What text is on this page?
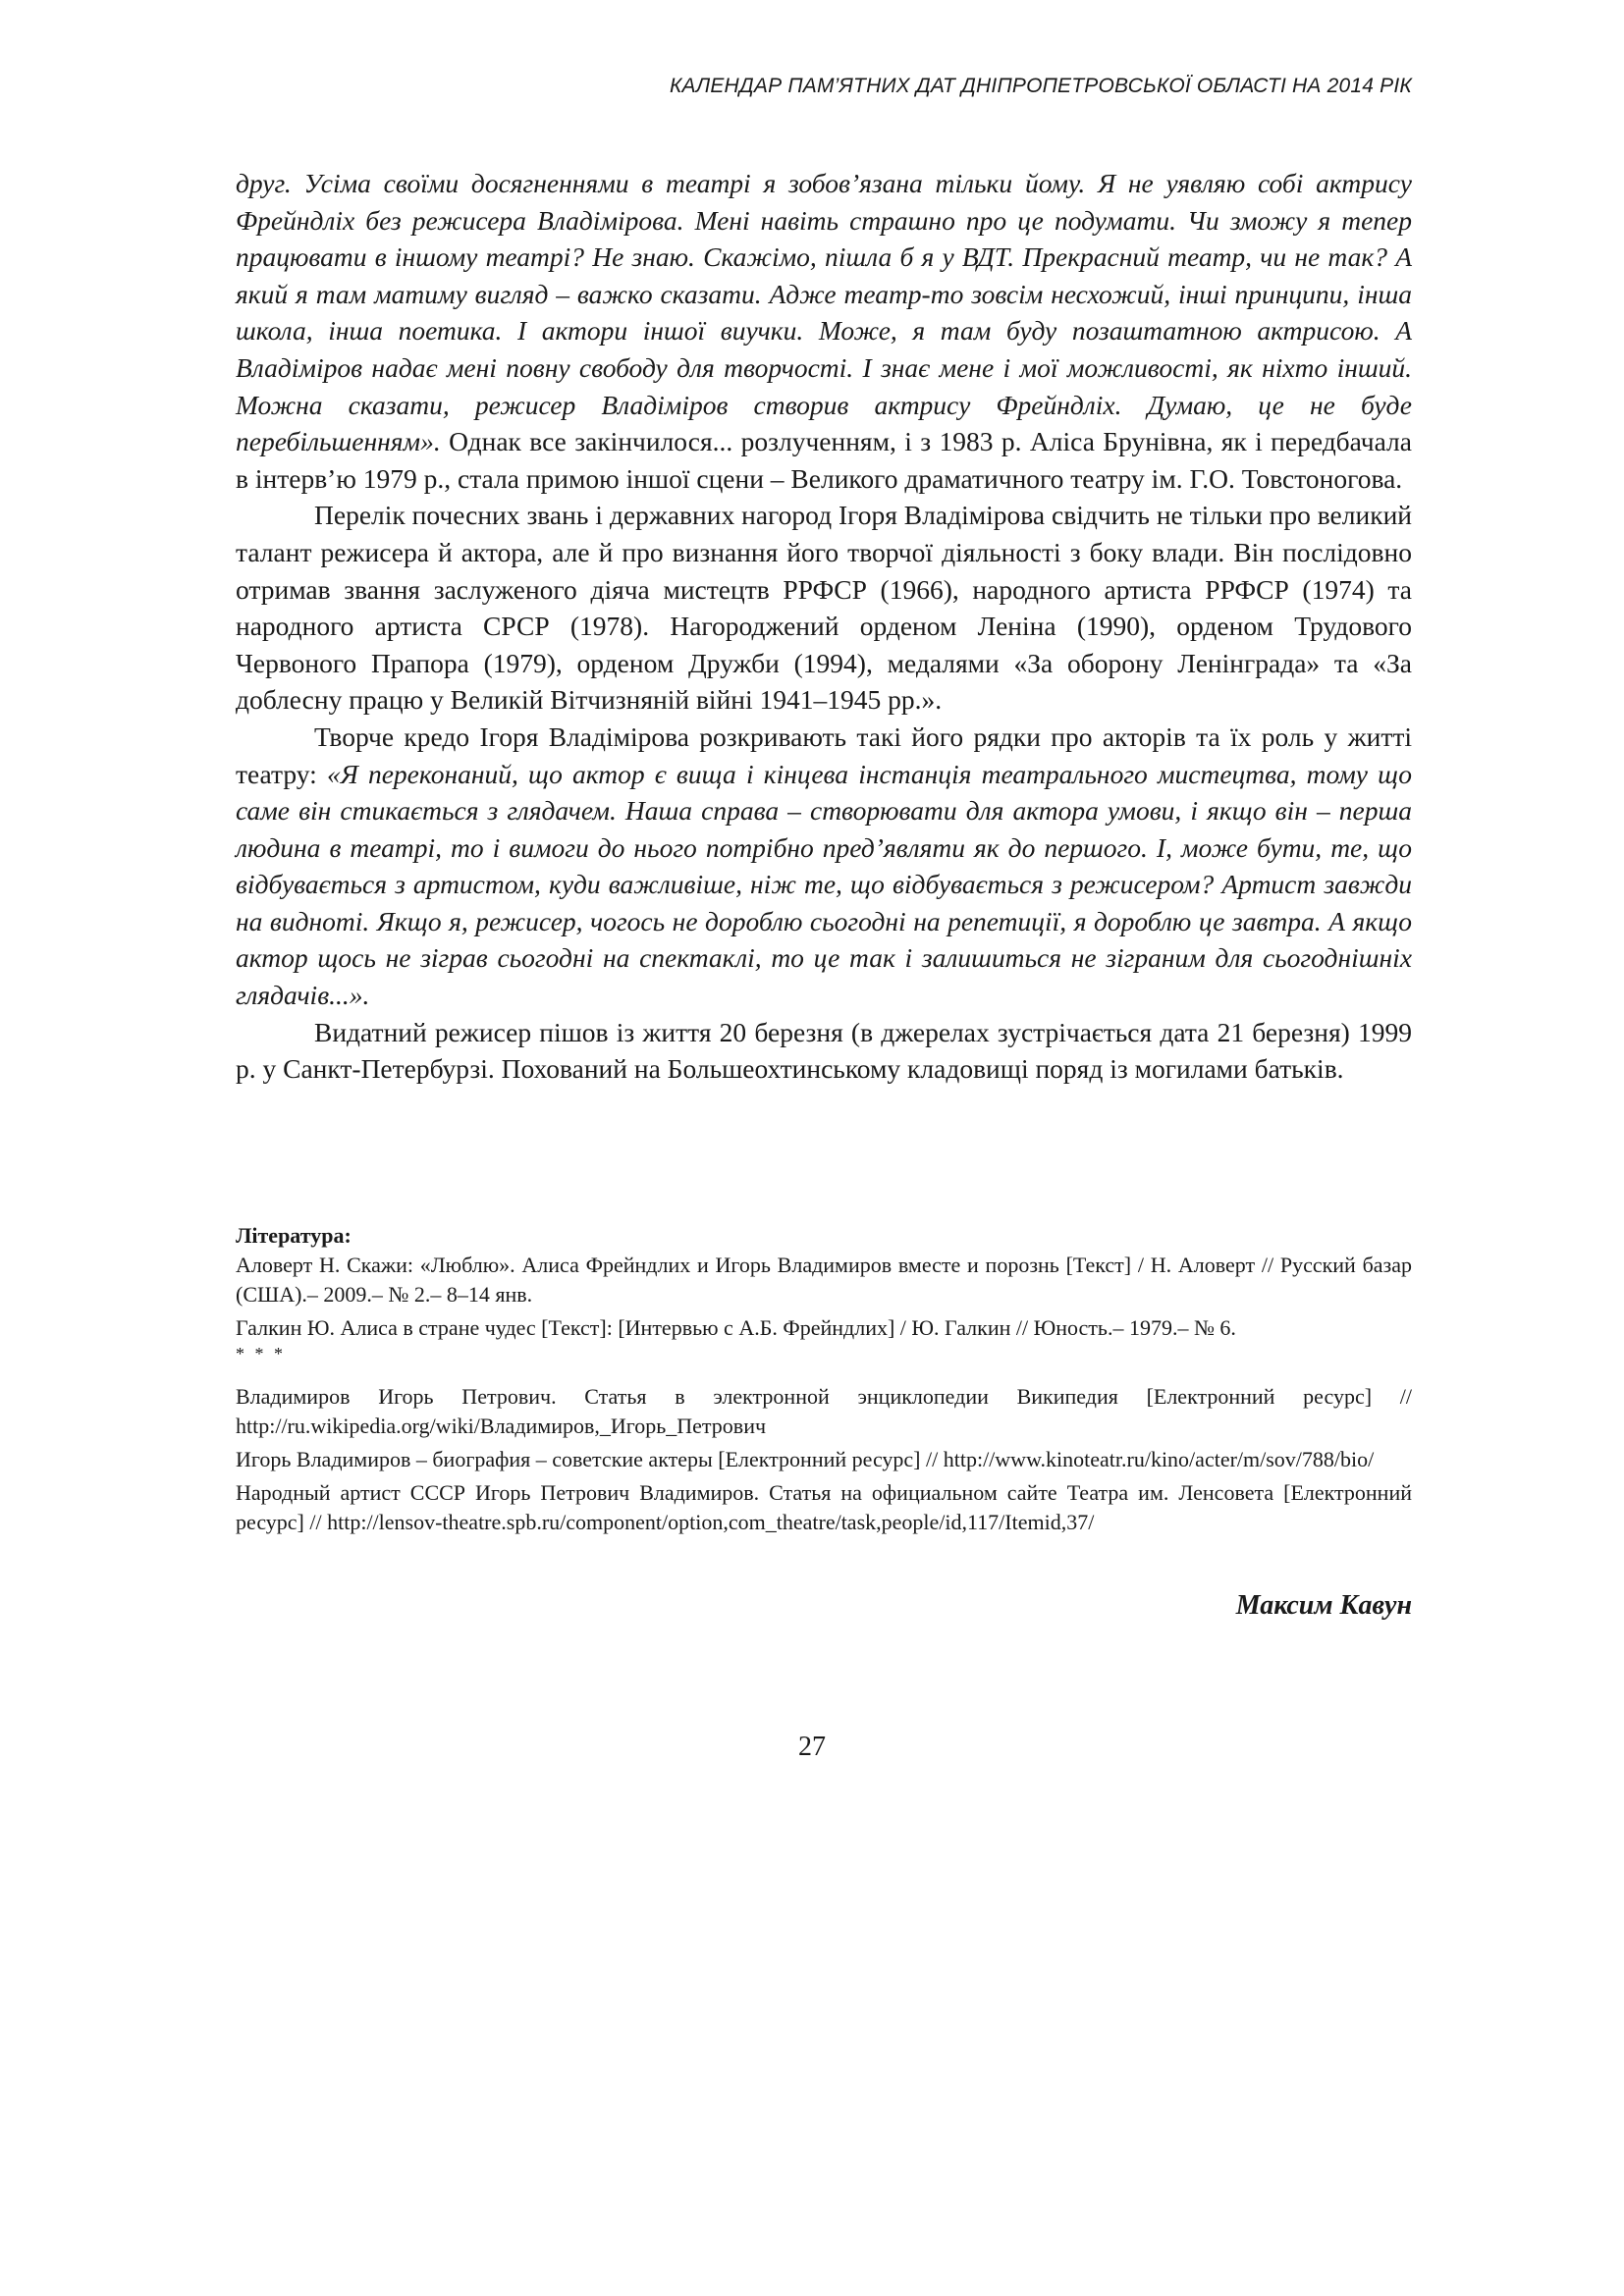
КАЛЕНДАР ПАМ’ЯТНИХ ДАТ ДНІПРОПЕТРОВСЬКОЇ ОБЛАСТІ НА 2014 РІК

друг. Усіма своїми досягненнями в театрі я зобов’язана тільки йому. Я не уявляю собі актрису Фрейндліх без режисера Владімірова. Мені навіть страшно про це подумати. Чи зможу я тепер працювати в іншому театрі? Не знаю. Скажімо, пішла б я у ВДТ. Прекрасний театр, чи не так? А який я там матиму вигляд – важко сказати. Адже театр-то зовсім несхожий, інші принципи, інша школа, інша поетика. І актори іншої виучки. Може, я там буду позаштатною актрисою. А Владіміров надає мені повну свободу для творчості. І знає мене і мої можливості, як ніхто інший. Можна сказати, режисер Владіміров створив актрису Фрейндліх. Думаю, це не буде перебільшенням». Однак все закінчилося... розлученням, і з 1983 р. Аліса Брунівна, як і передбачала в інтерв’ю 1979 р., стала примою іншої сцени – Великого драматичного театру ім. Г.О. Товстоногова.

Перелік почесних звань і державних нагород Ігоря Владімірова свідчить не тільки про великий талант режисера й актора, але й про визнання його творчої діяльності з боку влади. Він послідовно отримав звання заслуженого діяча мистецтв РРФСР (1966), народного артиста РРФСР (1974) та народного артиста СРСР (1978). Нагороджений орденом Леніна (1990), орденом Трудового Червоного Прапора (1979), орденом Дружби (1994), медалями «За оборону Ленінграда» та «За доблесну працю у Великій Вітчизняній війні 1941–1945 рр.».

Творче кредо Ігоря Владімірова розкривають такі його рядки про акторів та їх роль у житті театру: «Я переконаний, що актор є вища і кінцева інстанція театрального мистецтва, тому що саме він стикається з глядачем. Наша справа – створювати для актора умови, і якщо він – перша людина в театрі, то і вимоги до нього потрібно пред’являти як до першого. І, може бути, те, що відбувається з артистом, куди важливіше, ніж те, що відбувається з режисером? Артист завжди на видноті. Якщо я, режисер, чогось не дороблю сьогодні на репетиції, я дороблю це завтра. А якщо актор щось не зіграв сьогодні на спектаклі, то це так і залишиться не зіграним для сьогоднішніх глядачів...».

Видатний режисер пішов із життя 20 березня (в джерелах зустрічається дата 21 березня) 1999 р. у Санкт-Петербурзі. Похований на Большеохтинському кладовищі поряд із могилами батьків.

Література:

Аловерт Н. Скажи: «Люблю». Алиса Фрейндлих и Игорь Владимиров вместе и порознь [Текст] / Н. Аловерт // Русский базар (США).– 2009.– № 2.– 8–14 янв.

Галкин Ю. Алиса в стране чудес [Текст]: [Интервью с А.Б. Фрейндлих] / Ю. Галкин // Юность.– 1979.– № 6.

* * *

Владимиров Игорь Петрович. Статья в электронной энциклопедии Википедия [Електронний ресурс] // http://ru.wikipedia.org/wiki/Владимиров,_Игорь_Петрович

Игорь Владимиров – биография – советские актеры [Електронний ресурс] // http://www.kinoteatr.ru/kino/acter/m/sov/788/bio/

Народный артист СССР Игорь Петрович Владимиров. Статья на официальном сайте Театра им. Ленсовета [Електронний ресурс] // http://lensov-theatre.spb.ru/component/option,com_theatre/task,people/id,117/Itemid,37/

Максим Кавун
27
